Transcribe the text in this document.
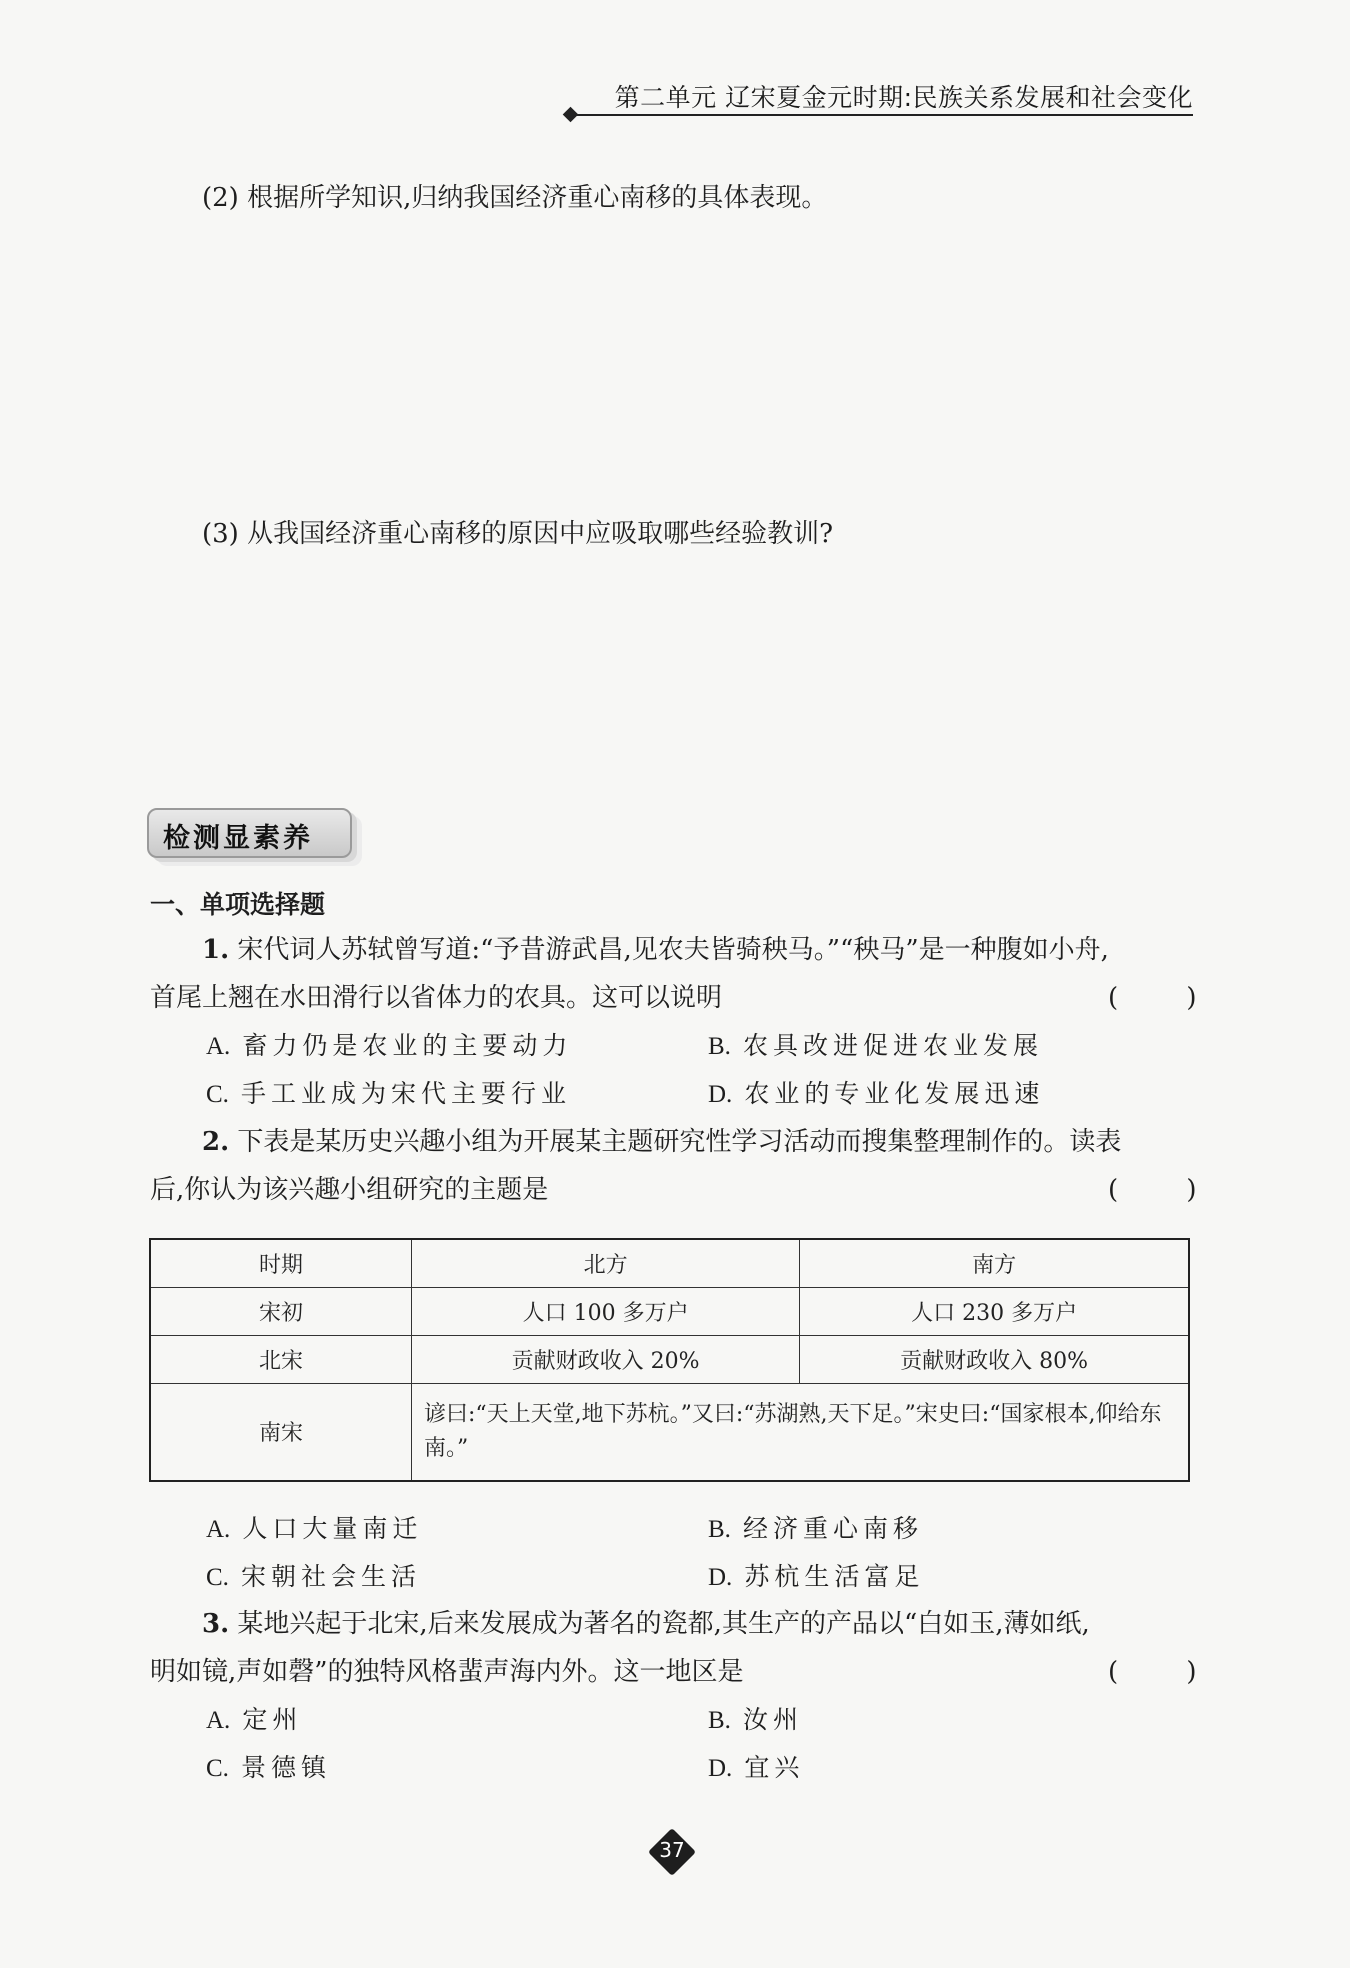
第二单元 辽宋夏金元时期:民族关系发展和社会变化
(2) 根据所学知识,归纳我国经济重心南移的具体表现。
(3) 从我国经济重心南移的原因中应吸取哪些经验教训?
检测显素养
一、单项选择题
1. 宋代词人苏轼曾写道:“予昔游武昌,见农夫皆骑秧马。”“秧马”是一种腹如小舟,
首尾上翘在水田滑行以省体力的农具。这可以说明	( )
A. 畜力仍是农业的主要动力	B. 农具改进促进农业发展
C. 手工业成为宋代主要行业	D. 农业的专业化发展迅速
2. 下表是某历史兴趣小组为开展某主题研究性学习活动而搜集整理制作的。读表
后,你认为该兴趣小组研究的主题是	( )
时期	北方	南方
宋初	人口 100 多万户	人口 230 多万户
北宋	贡献财政收入 20%	贡献财政收入 80%
南宋	谚曰:“天上天堂,地下苏杭。”又曰:“苏湖熟,天下足。”宋史曰:“国家根本,仰给东南。”	
A. 人口大量南迁	B. 经济重心南移
C. 宋朝社会生活	D. 苏杭生活富足
3. 某地兴起于北宋,后来发展成为著名的瓷都,其生产的产品以“白如玉,薄如纸,
明如镜,声如磬”的独特风格蜚声海内外。这一地区是	( )
A. 定州	B. 汝州
C. 景德镇	D. 宜兴
37
